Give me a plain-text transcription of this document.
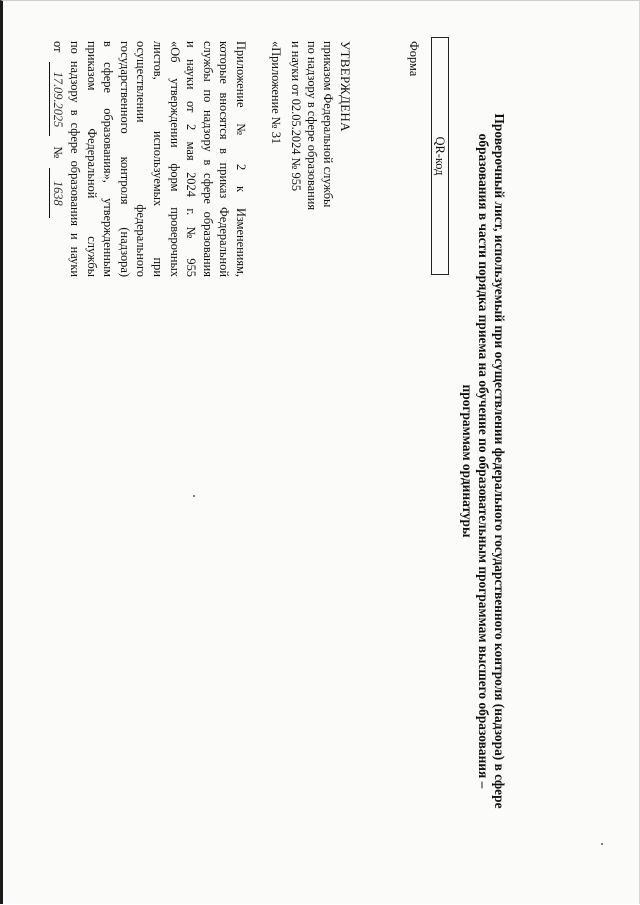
Приложение № 2 к Изменениям,
которые вносятся в приказ Федеральной
службы по надзору в сфере образования
и науки от 2 мая 2024 г. № 955
«Об утверждении форм проверочных
листов, используемых при
осуществлении федерального
государственного контроля (надзора)
в сфере образования», утвержденным
приказом Федеральной службы
по надзору в сфере образования и науки
от
17.09.2025
№
1638
«Приложение № 31	УТВЕРЖДЕНА
приказом Федеральной службы
по надзору в сфере образования
и науки от 02.05.2024 № 955	Форма
QR-код	Проверочный лист, используемый при осуществлении федерального государственного контроля (надзора) в сфере
образования в части порядка приема на обучение по образовательным программам высшего образования –
программам ординатуры
